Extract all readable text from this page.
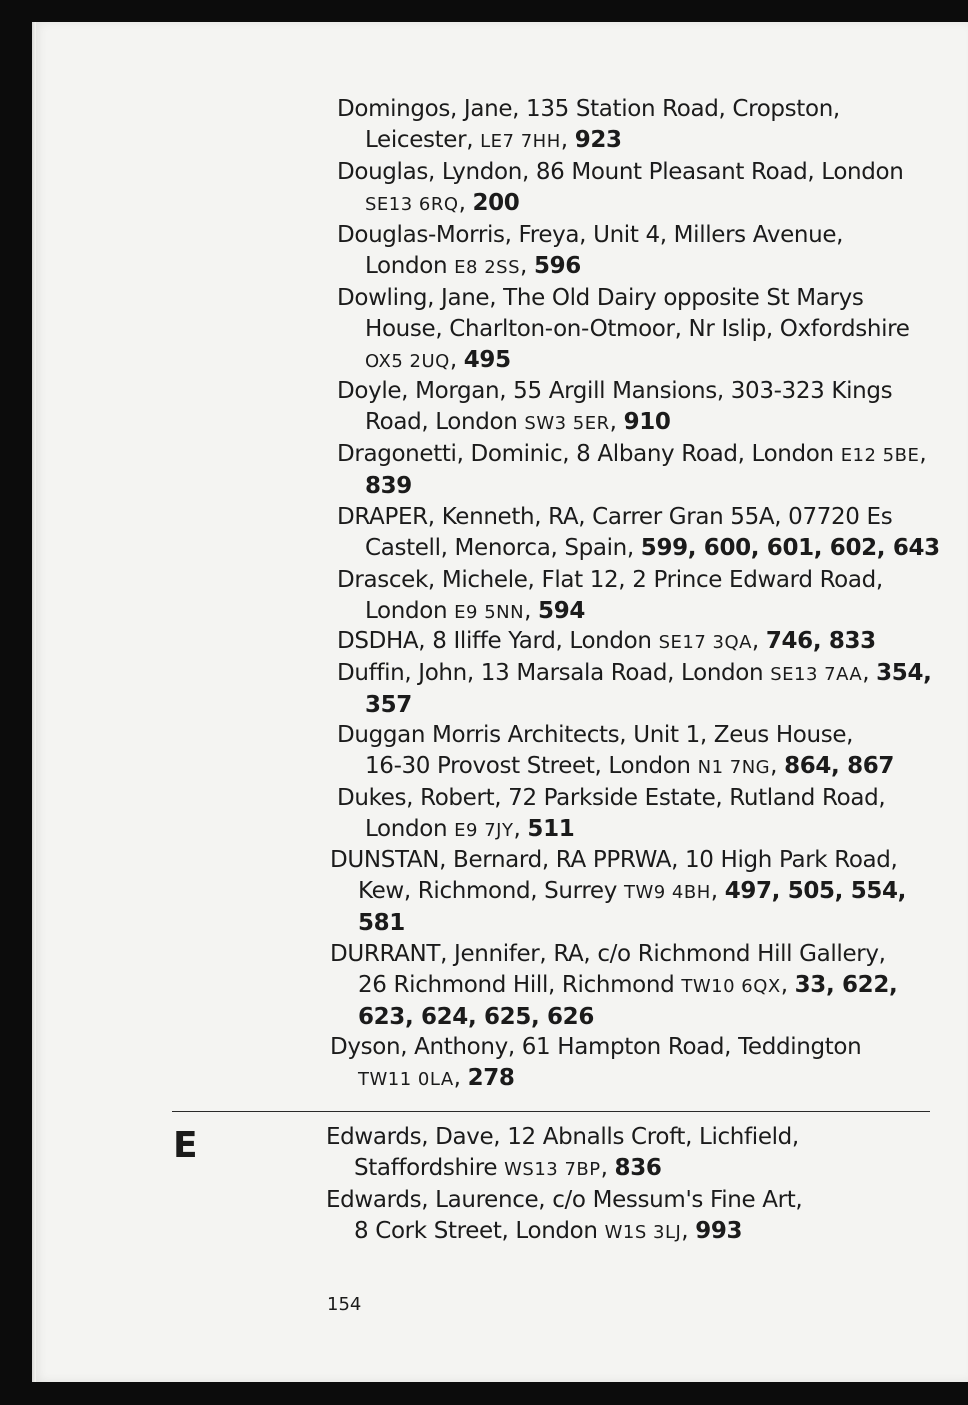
Domingos, Jane, 135 Station Road, Cropston,
Leicester, LE7 7HH, 923
Douglas, Lyndon, 86 Mount Pleasant Road, London
SE13 6RQ, 200
Douglas-Morris, Freya, Unit 4, Millers Avenue,
London E8 2SS, 596
Dowling, Jane, The Old Dairy opposite St Marys
House, Charlton-on-Otmoor, Nr Islip, Oxfordshire
OX5 2UQ, 495
Doyle, Morgan, 55 Argill Mansions, 303-323 Kings
Road, London SW3 5ER, 910
Dragonetti, Dominic, 8 Albany Road, London E12 5BE,
839
DRAPER, Kenneth, RA, Carrer Gran 55A, 07720 Es
Castell, Menorca, Spain, 599, 600, 601, 602, 643
Drascek, Michele, Flat 12, 2 Prince Edward Road,
London E9 5NN, 594
DSDHA, 8 Iliffe Yard, London SE17 3QA, 746, 833
Duffin, John, 13 Marsala Road, London SE13 7AA, 354,
357
Duggan Morris Architects, Unit 1, Zeus House,
16-30 Provost Street, London N1 7NG, 864, 867
Dukes, Robert, 72 Parkside Estate, Rutland Road,
London E9 7JY, 511
DUNSTAN, Bernard, RA PPRWA, 10 High Park Road,
Kew, Richmond, Surrey TW9 4BH, 497, 505, 554,
581
DURRANT, Jennifer, RA, c/o Richmond Hill Gallery,
26 Richmond Hill, Richmond TW10 6QX, 33, 622,
623, 624, 625, 626
Dyson, Anthony, 61 Hampton Road, Teddington
TW11 0LA, 278
E	Edwards, Dave, 12 Abnalls Croft, Lichfield,
Staffordshire WS13 7BP, 836
Edwards, Laurence, c/o Messum's Fine Art,
8 Cork Street, London W1S 3LJ, 993
154
